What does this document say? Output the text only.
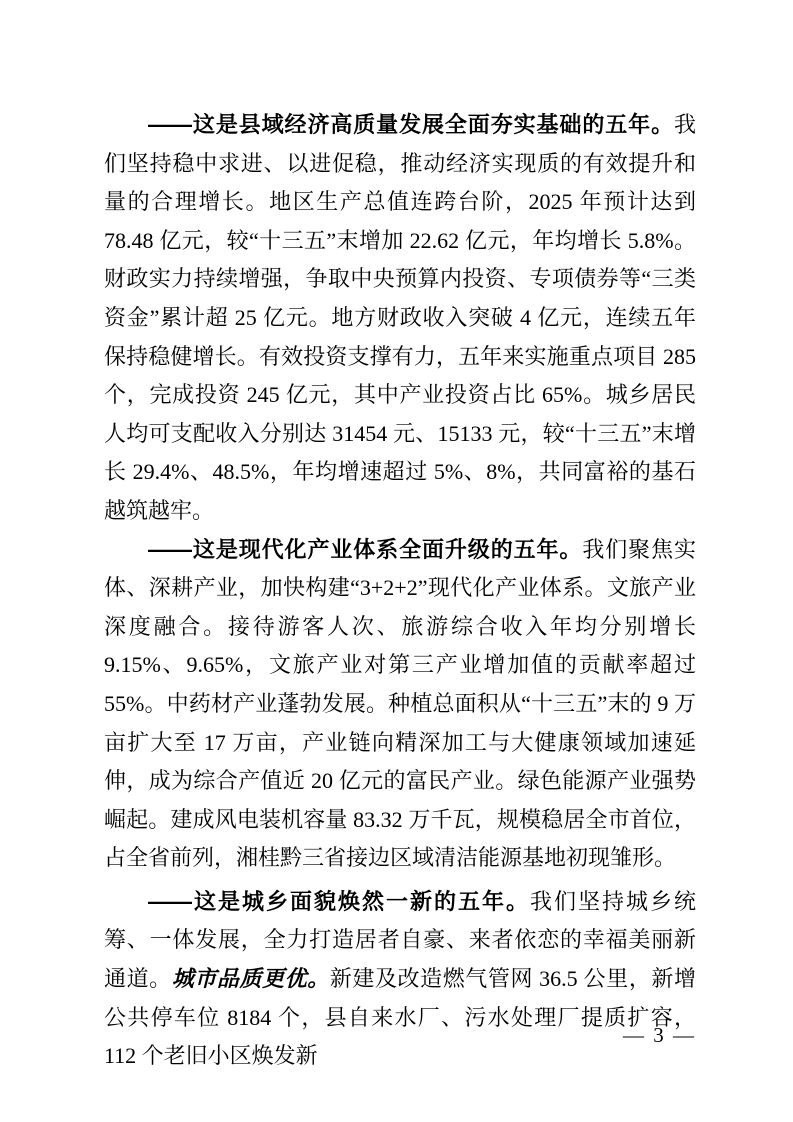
——这是县域经济高质量发展全面夯实基础的五年。我们坚持稳中求进、以进促稳，推动经济实现质的有效提升和量的合理增长。地区生产总值连跨台阶，2025 年预计达到 78.48 亿元，较“十三五”末增加 22.62 亿元，年均增长 5.8%。财政实力持续增强，争取中央预算内投资、专项债券等“三类资金”累计超 25 亿元。地方财政收入突破 4 亿元，连续五年保持稳健增长。有效投资支撑有力，五年来实施重点项目 285 个，完成投资 245 亿元，其中产业投资占比 65%。城乡居民人均可支配收入分别达 31454 元、15133 元，较“十三五”末增长 29.4%、48.5%，年均增速超过 5%、8%，共同富裕的基石越筑越牢。

——这是现代化产业体系全面升级的五年。我们聚焦实体、深耕产业，加快构建“3+2+2”现代化产业体系。文旅产业深度融合。接待游客人次、旅游综合收入年均分别增长 9.15%、9.65%，文旅产业对第三产业增加值的贡献率超过 55%。中药材产业蓬勃发展。种植总面积从“十三五”末的 9 万亩扩大至 17 万亩，产业链向精深加工与大健康领域加速延伸，成为综合产值近 20 亿元的富民产业。绿色能源产业强势崛起。建成风电装机容量 83.32 万千瓦，规模稳居全市首位，占全省前列，湘桂黔三省接边区域清洁能源基地初现雏形。

——这是城乡面貌焕然一新的五年。我们坚持城乡统筹、一体发展，全力打造居者自豪、来者依恋的幸福美丽新通道。城市品质更优。新建及改造燃气管网 36.5 公里，新增公共停车位 8184 个，县自来水厂、污水处理厂提质扩容，112 个老旧小区焕发新

— 3 —
